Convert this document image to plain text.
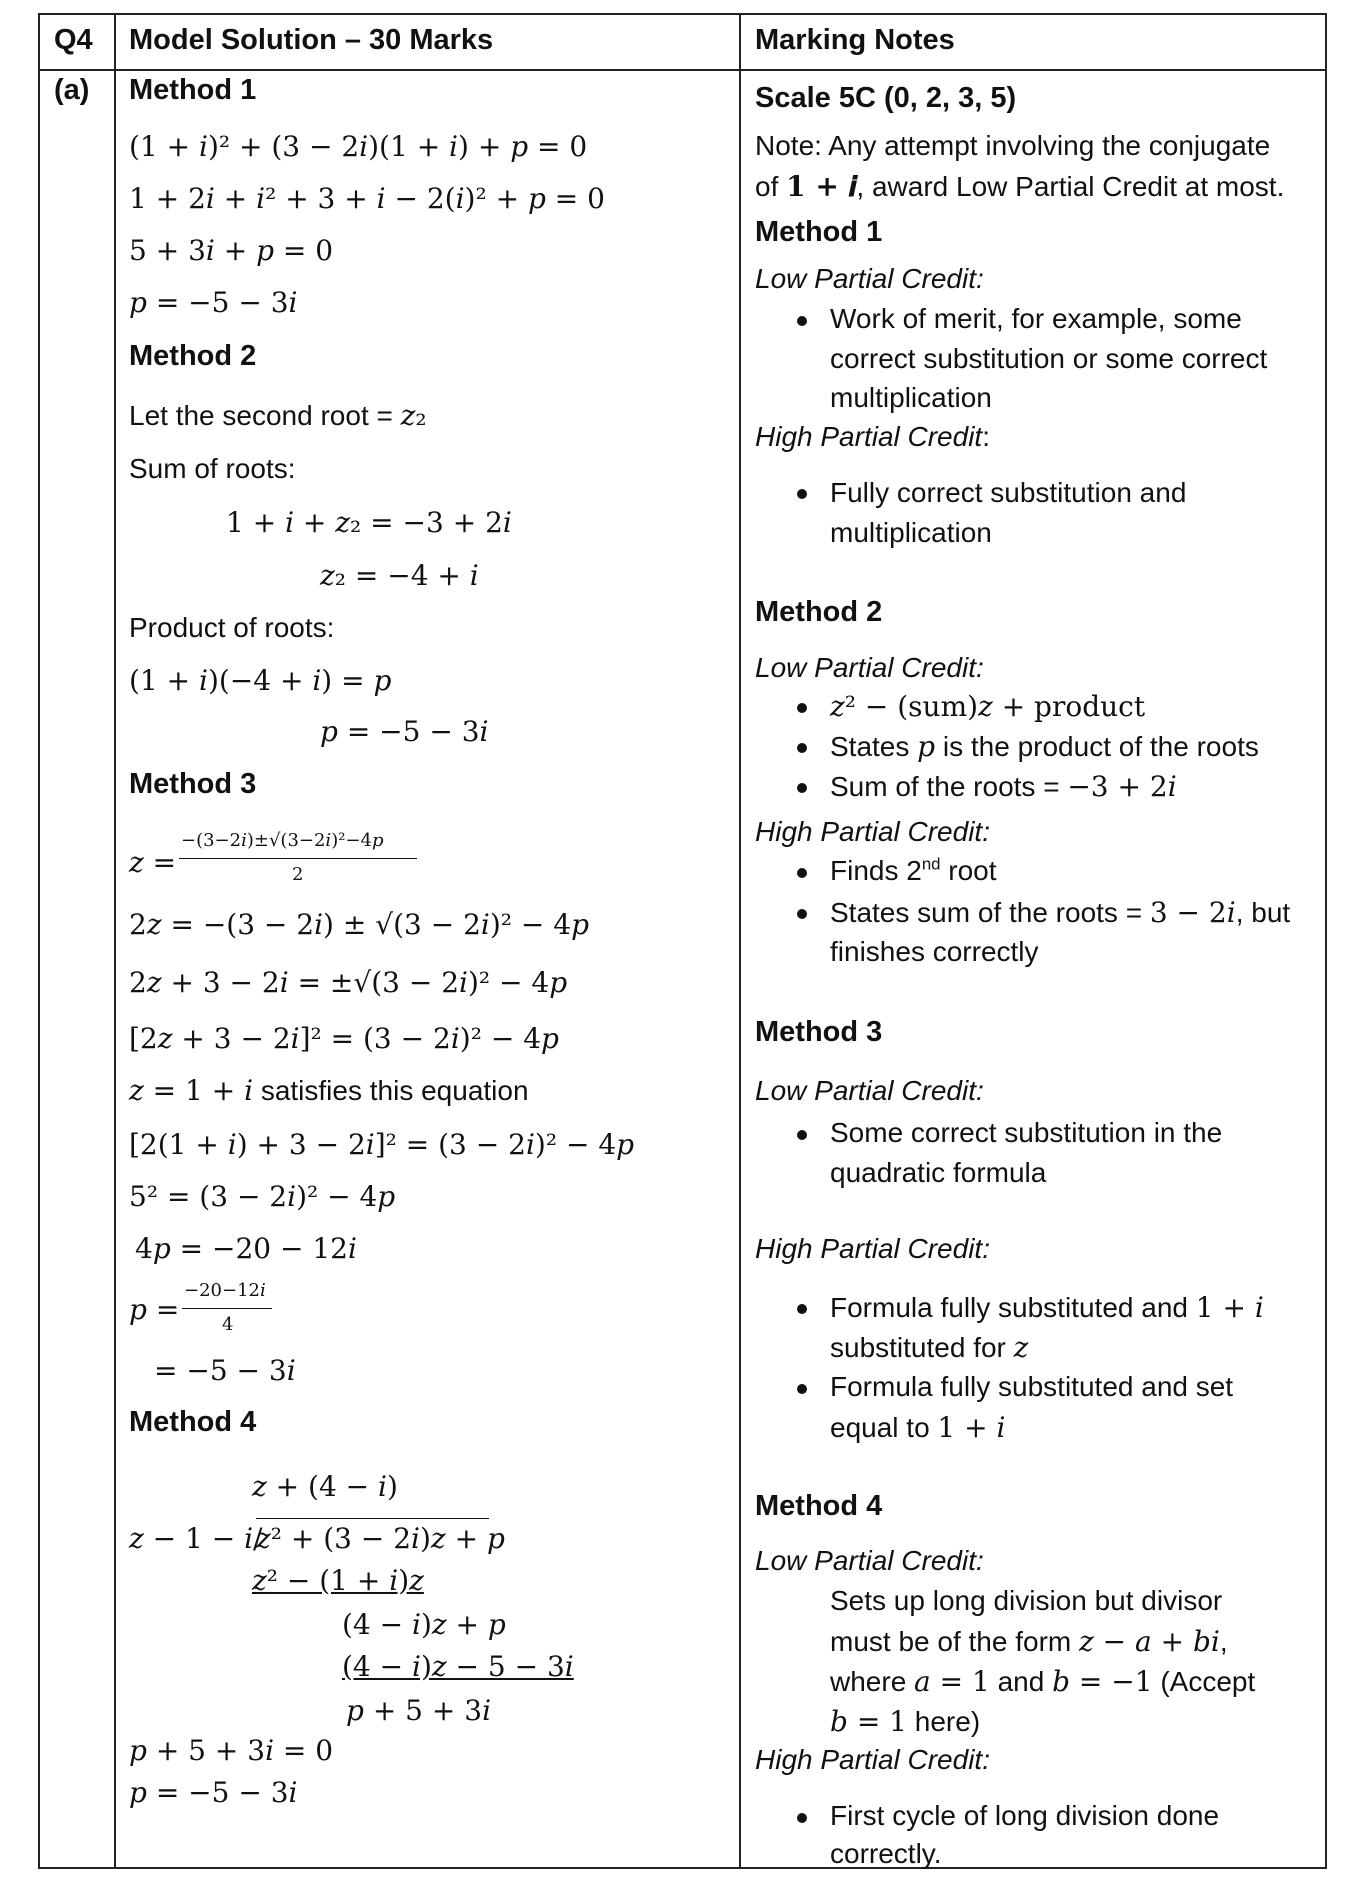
Q4 Model Solution – 30 Marks	Marking Notes
(a) Method 1
(1 + 𝑖)² + (3 − 2𝑖)(1 + 𝑖) + 𝑝 = 0
1 + 2𝑖 + 𝑖² + 3 + 𝑖 − 2(𝑖)² + 𝑝 = 0
5 + 3𝑖 + 𝑝 = 0
𝑝 = −5 − 3𝑖
Method 2
Let the second root = 𝑧₂
Sum of roots:
1 + 𝑖 + 𝑧₂ = −3 + 2𝑖
𝑧₂ = −4 + 𝑖
Product of roots:
(1 + 𝑖)(−4 + 𝑖) = 𝑝
𝑝 = −5 − 3𝑖
Method 3
𝑧 =
−(3−2𝑖)±√(3−2𝑖)²−4𝑝
2
2𝑧 = −(3 − 2𝑖) ± √(3 − 2𝑖)² − 4𝑝
2𝑧 + 3 − 2𝑖 = ±√(3 − 2𝑖)² − 4𝑝
[2𝑧 + 3 − 2𝑖]² = (3 − 2𝑖)² − 4𝑝
𝑧 = 1 + 𝑖 satisfies this equation
[2(1 + 𝑖) + 3 − 2𝑖]² = (3 − 2𝑖)² − 4𝑝
5² = (3 − 2𝑖)² − 4𝑝
4𝑝 = −20 − 12𝑖
𝑝 =
−20−12𝑖
4
= −5 − 3𝑖
Method 4
𝑧 + (4 − 𝑖)
𝑧 − 1 − 𝑖/
𝑧² + (3 − 2𝑖)𝑧 + 𝑝
𝑧² − (1 + 𝑖)𝑧
(4 − 𝑖)𝑧 + 𝑝
(4 − 𝑖)𝑧 − 5 − 3𝑖
𝑝 + 5 + 3𝑖
𝑝 + 5 + 3𝑖 = 0
𝑝 = −5 − 3𝑖
Scale 5C (0, 2, 3, 5)
Note: Any attempt involving the conjugate
of 1 + 𝒊, award Low Partial Credit at most.
Method 1
Low Partial Credit:
Work of merit, for example, some
correct substitution or some correct
multiplication
High Partial Credit:
Fully correct substitution and
multiplication
Method 2
Low Partial Credit:
𝑧² − (sum)𝑧 + product
States 𝑝 is the product of the roots
Sum of the roots = −3 + 2𝑖
High Partial Credit:
Finds 2nd root
States sum of the roots = 3 − 2𝑖, but
finishes correctly
Method 3
Low Partial Credit:
Some correct substitution in the
quadratic formula
High Partial Credit:
Formula fully substituted and 1 + 𝑖
substituted for 𝑧
Formula fully substituted and set
equal to 1 + 𝑖
Method 4
Low Partial Credit:
Sets up long division but divisor
must be of the form 𝑧 − 𝑎 + 𝑏𝑖,
where 𝑎 = 1 and 𝑏 = −1 (Accept
𝑏 = 1 here)
High Partial Credit:
First cycle of long division done
correctly.
